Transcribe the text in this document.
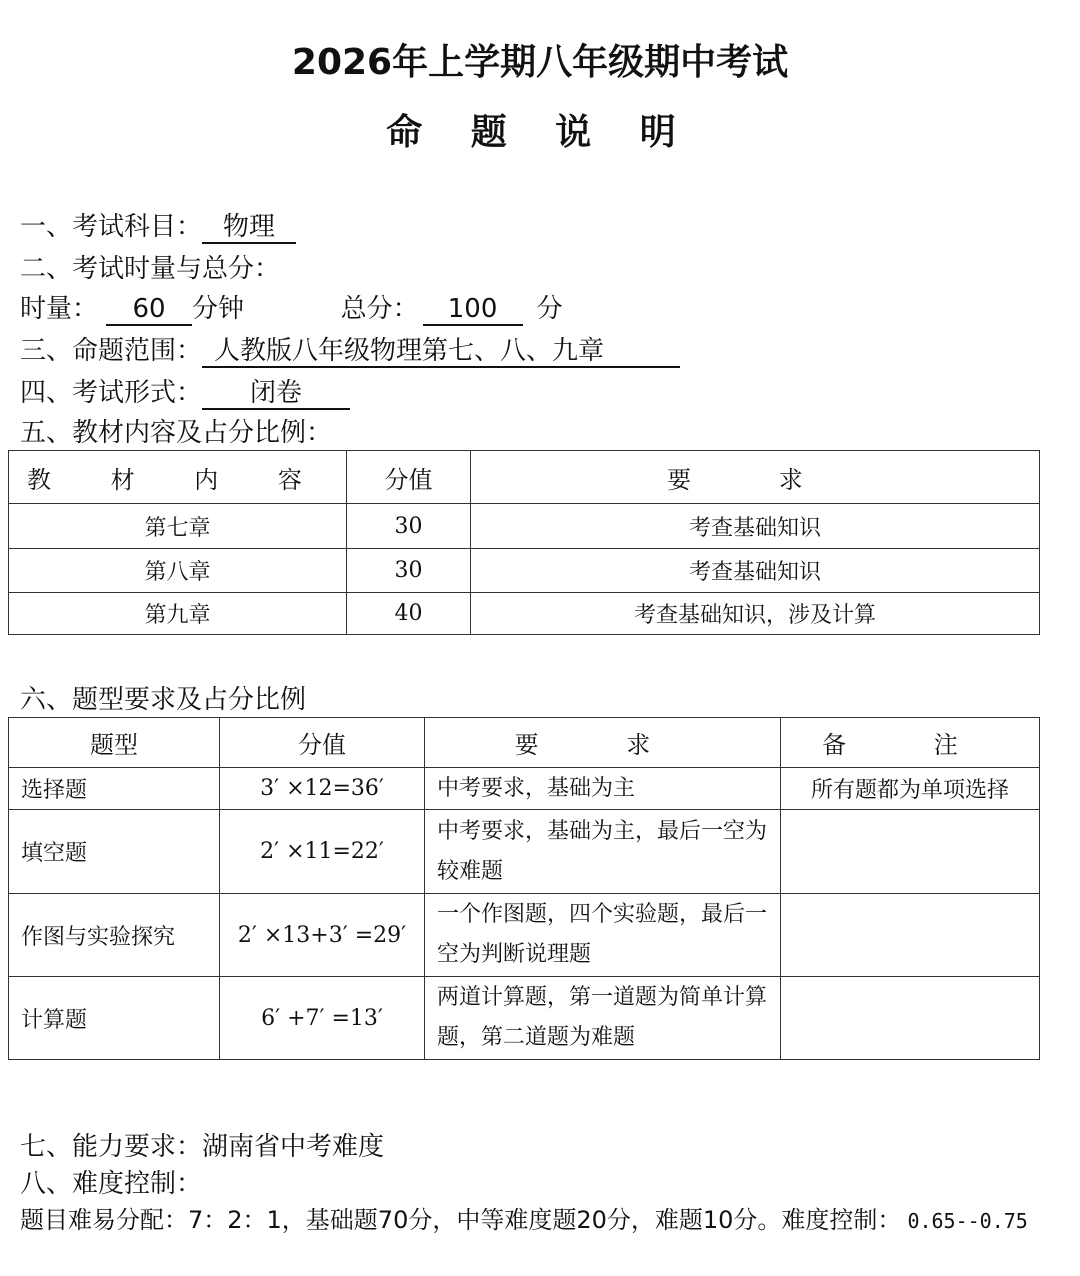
2026年上学期八年级期中考试
命 题 说 明
一、考试科目： 物理
二、考试时量与总分：
时量： 60 分钟	总分： 100 分
三、命题范围： 人教版八年级物理第七、八、九章
四、考试形式： 闭卷
五、教材内容及占分比例：
教 材 内 容	分值	要 求
第七章	30	考查基础知识
第八章	30	考查基础知识
第九章	40	考查基础知识，涉及计算
六、题型要求及占分比例
题型	分值	要 求	备 注
选择题	3′ ×12=36′	中考要求，基础为主	所有题都为单项选择
填空题	2′ ×11=22′	中考要求，基础为主，最后一空为较难题	
作图与实验探究	2′ ×13+3′ =29′	一个作图题，四个实验题，最后一空为判断说理题	
计算题	6′ +7′ =13′	两道计算题，第一道题为简单计算题，第二道题为难题	
七、能力要求：湖南省中考难度
八、难度控制：
题目难易分配：7：2：1，基础题70分，中等难度题20分，难题10分。难度控制： 0.65--0.75
